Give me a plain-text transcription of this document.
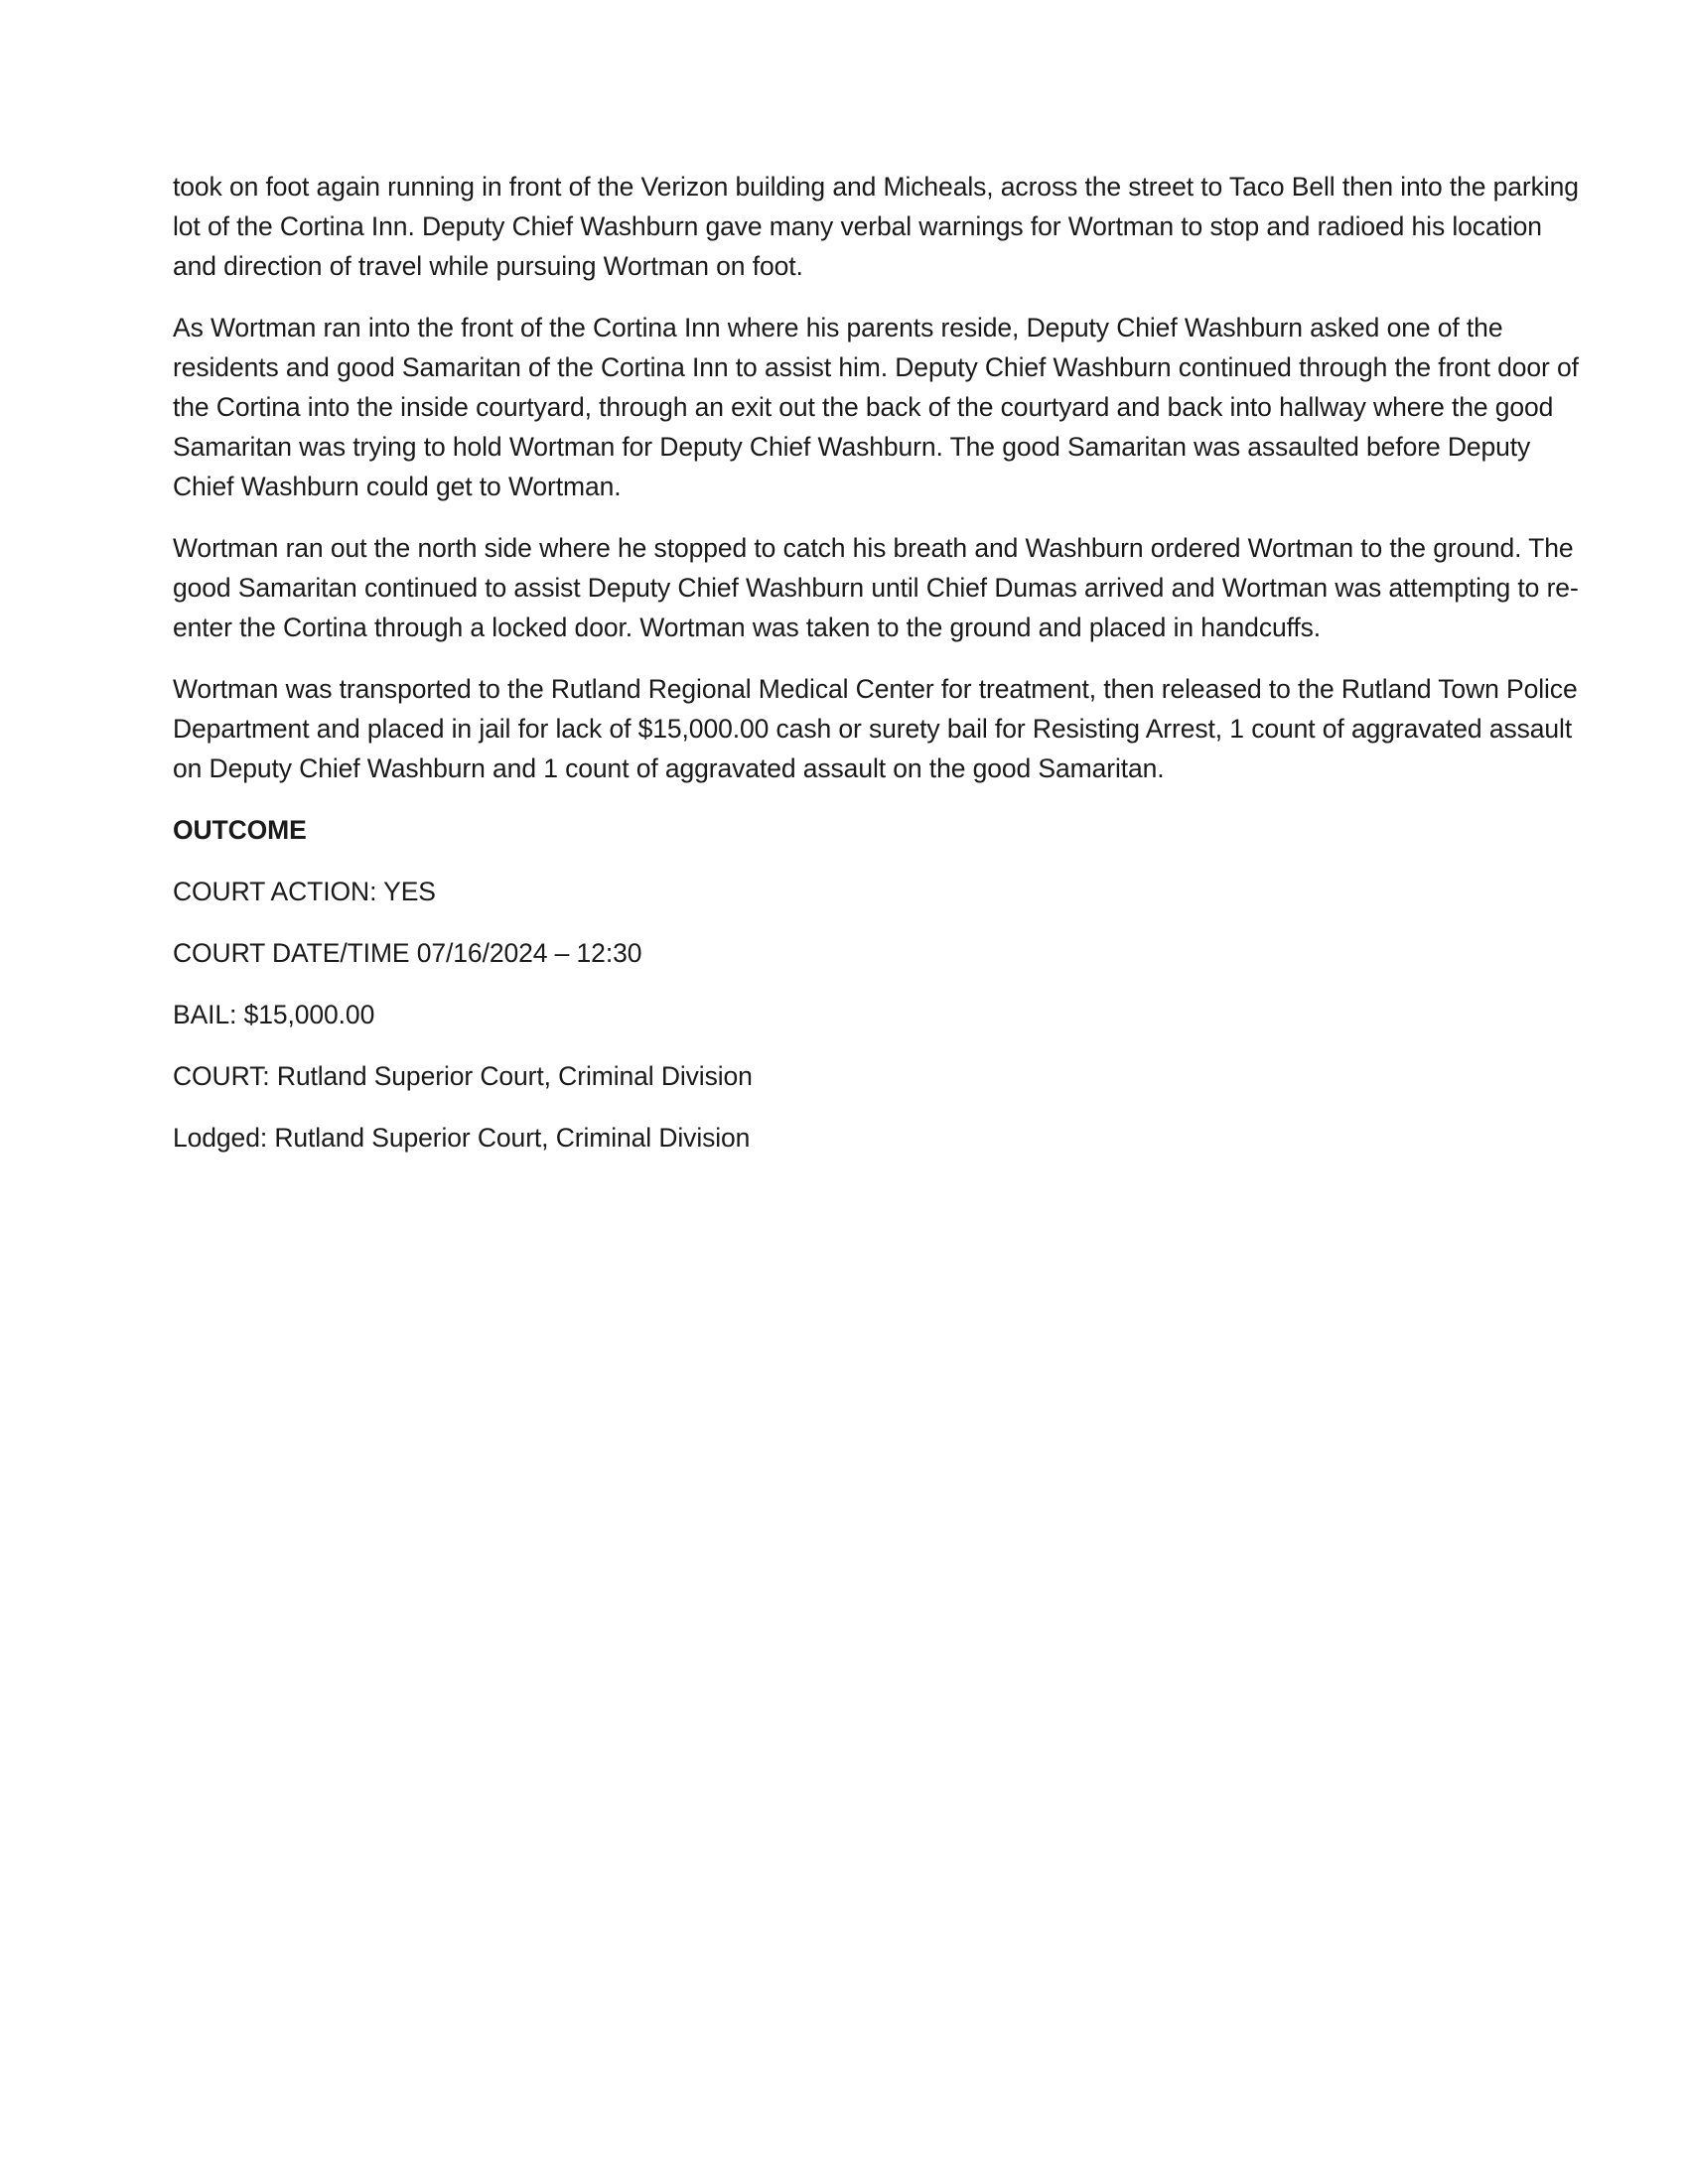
took on foot again running in front of the Verizon building and Micheals, across the street to Taco Bell then into the parking lot of the Cortina Inn. Deputy Chief Washburn gave many verbal warnings for Wortman to stop and radioed his location and direction of travel while pursuing Wortman on foot.

As Wortman ran into the front of the Cortina Inn where his parents reside, Deputy Chief Washburn asked one of the residents and good Samaritan of the Cortina Inn to assist him. Deputy Chief Washburn continued through the front door of the Cortina into the inside courtyard, through an exit out the back of the courtyard and back into hallway where the good Samaritan was trying to hold Wortman for Deputy Chief Washburn. The good Samaritan was assaulted before Deputy Chief Washburn could get to Wortman.

Wortman ran out the north side where he stopped to catch his breath and Washburn ordered Wortman to the ground. The good Samaritan continued to assist Deputy Chief Washburn until Chief Dumas arrived and Wortman was attempting to re-enter the Cortina through a locked door. Wortman was taken to the ground and placed in handcuffs.

Wortman was transported to the Rutland Regional Medical Center for treatment, then released to the Rutland Town Police Department and placed in jail for lack of $15,000.00 cash or surety bail for Resisting Arrest, 1 count of aggravated assault on Deputy Chief Washburn and 1 count of aggravated assault on the good Samaritan.

OUTCOME
COURT ACTION: YES
COURT DATE/TIME 07/16/2024 – 12:30
BAIL: $15,000.00
COURT: Rutland Superior Court, Criminal Division
Lodged: Rutland Superior Court, Criminal Division
